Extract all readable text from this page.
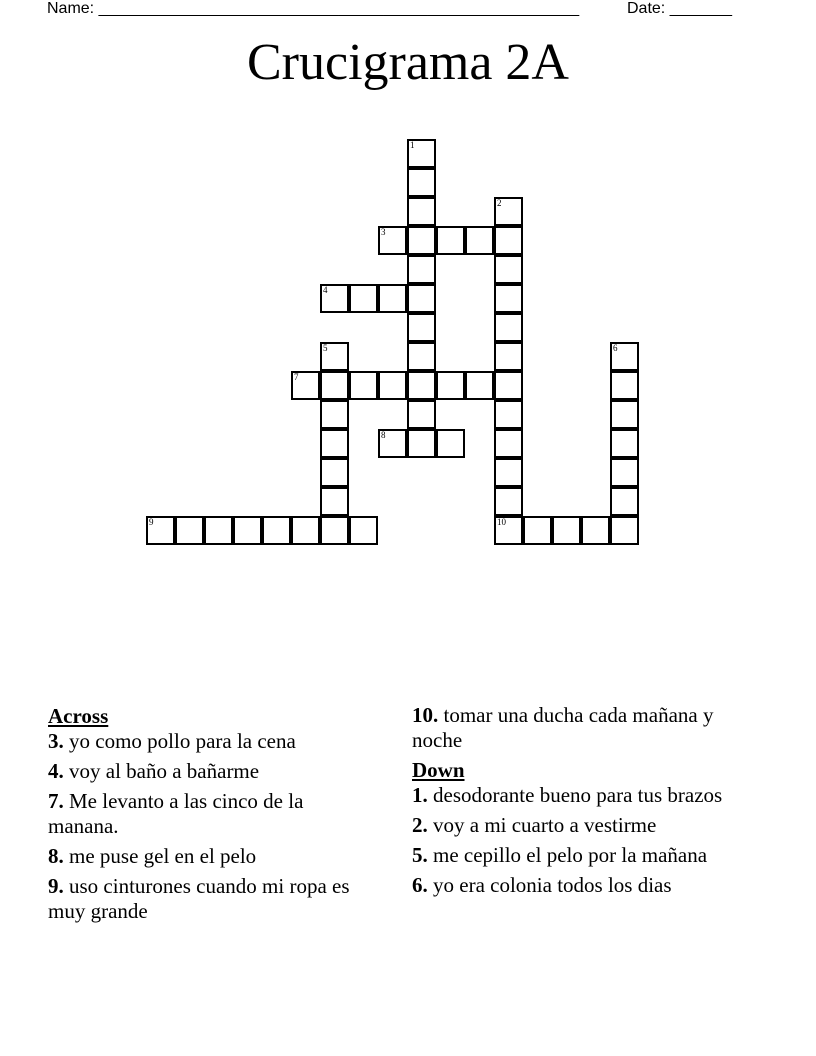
Name: ______________________________________________________	Date: _______
Crucigrama 2A
1
2
10
3
4
5	6
7
8
9
Across
3. yo como pollo para la cena
4. voy al baño a bañarme
7. Me levanto a las cinco de la manana.
8. me puse gel en el pelo
9. uso cinturones cuando mi ropa es muy grande
10. tomar una ducha cada mañana y noche
Down
1. desodorante bueno para tus brazos
2. voy a mi cuarto a vestirme
5. me cepillo el pelo por la mañana
6. yo era colonia todos los dias
